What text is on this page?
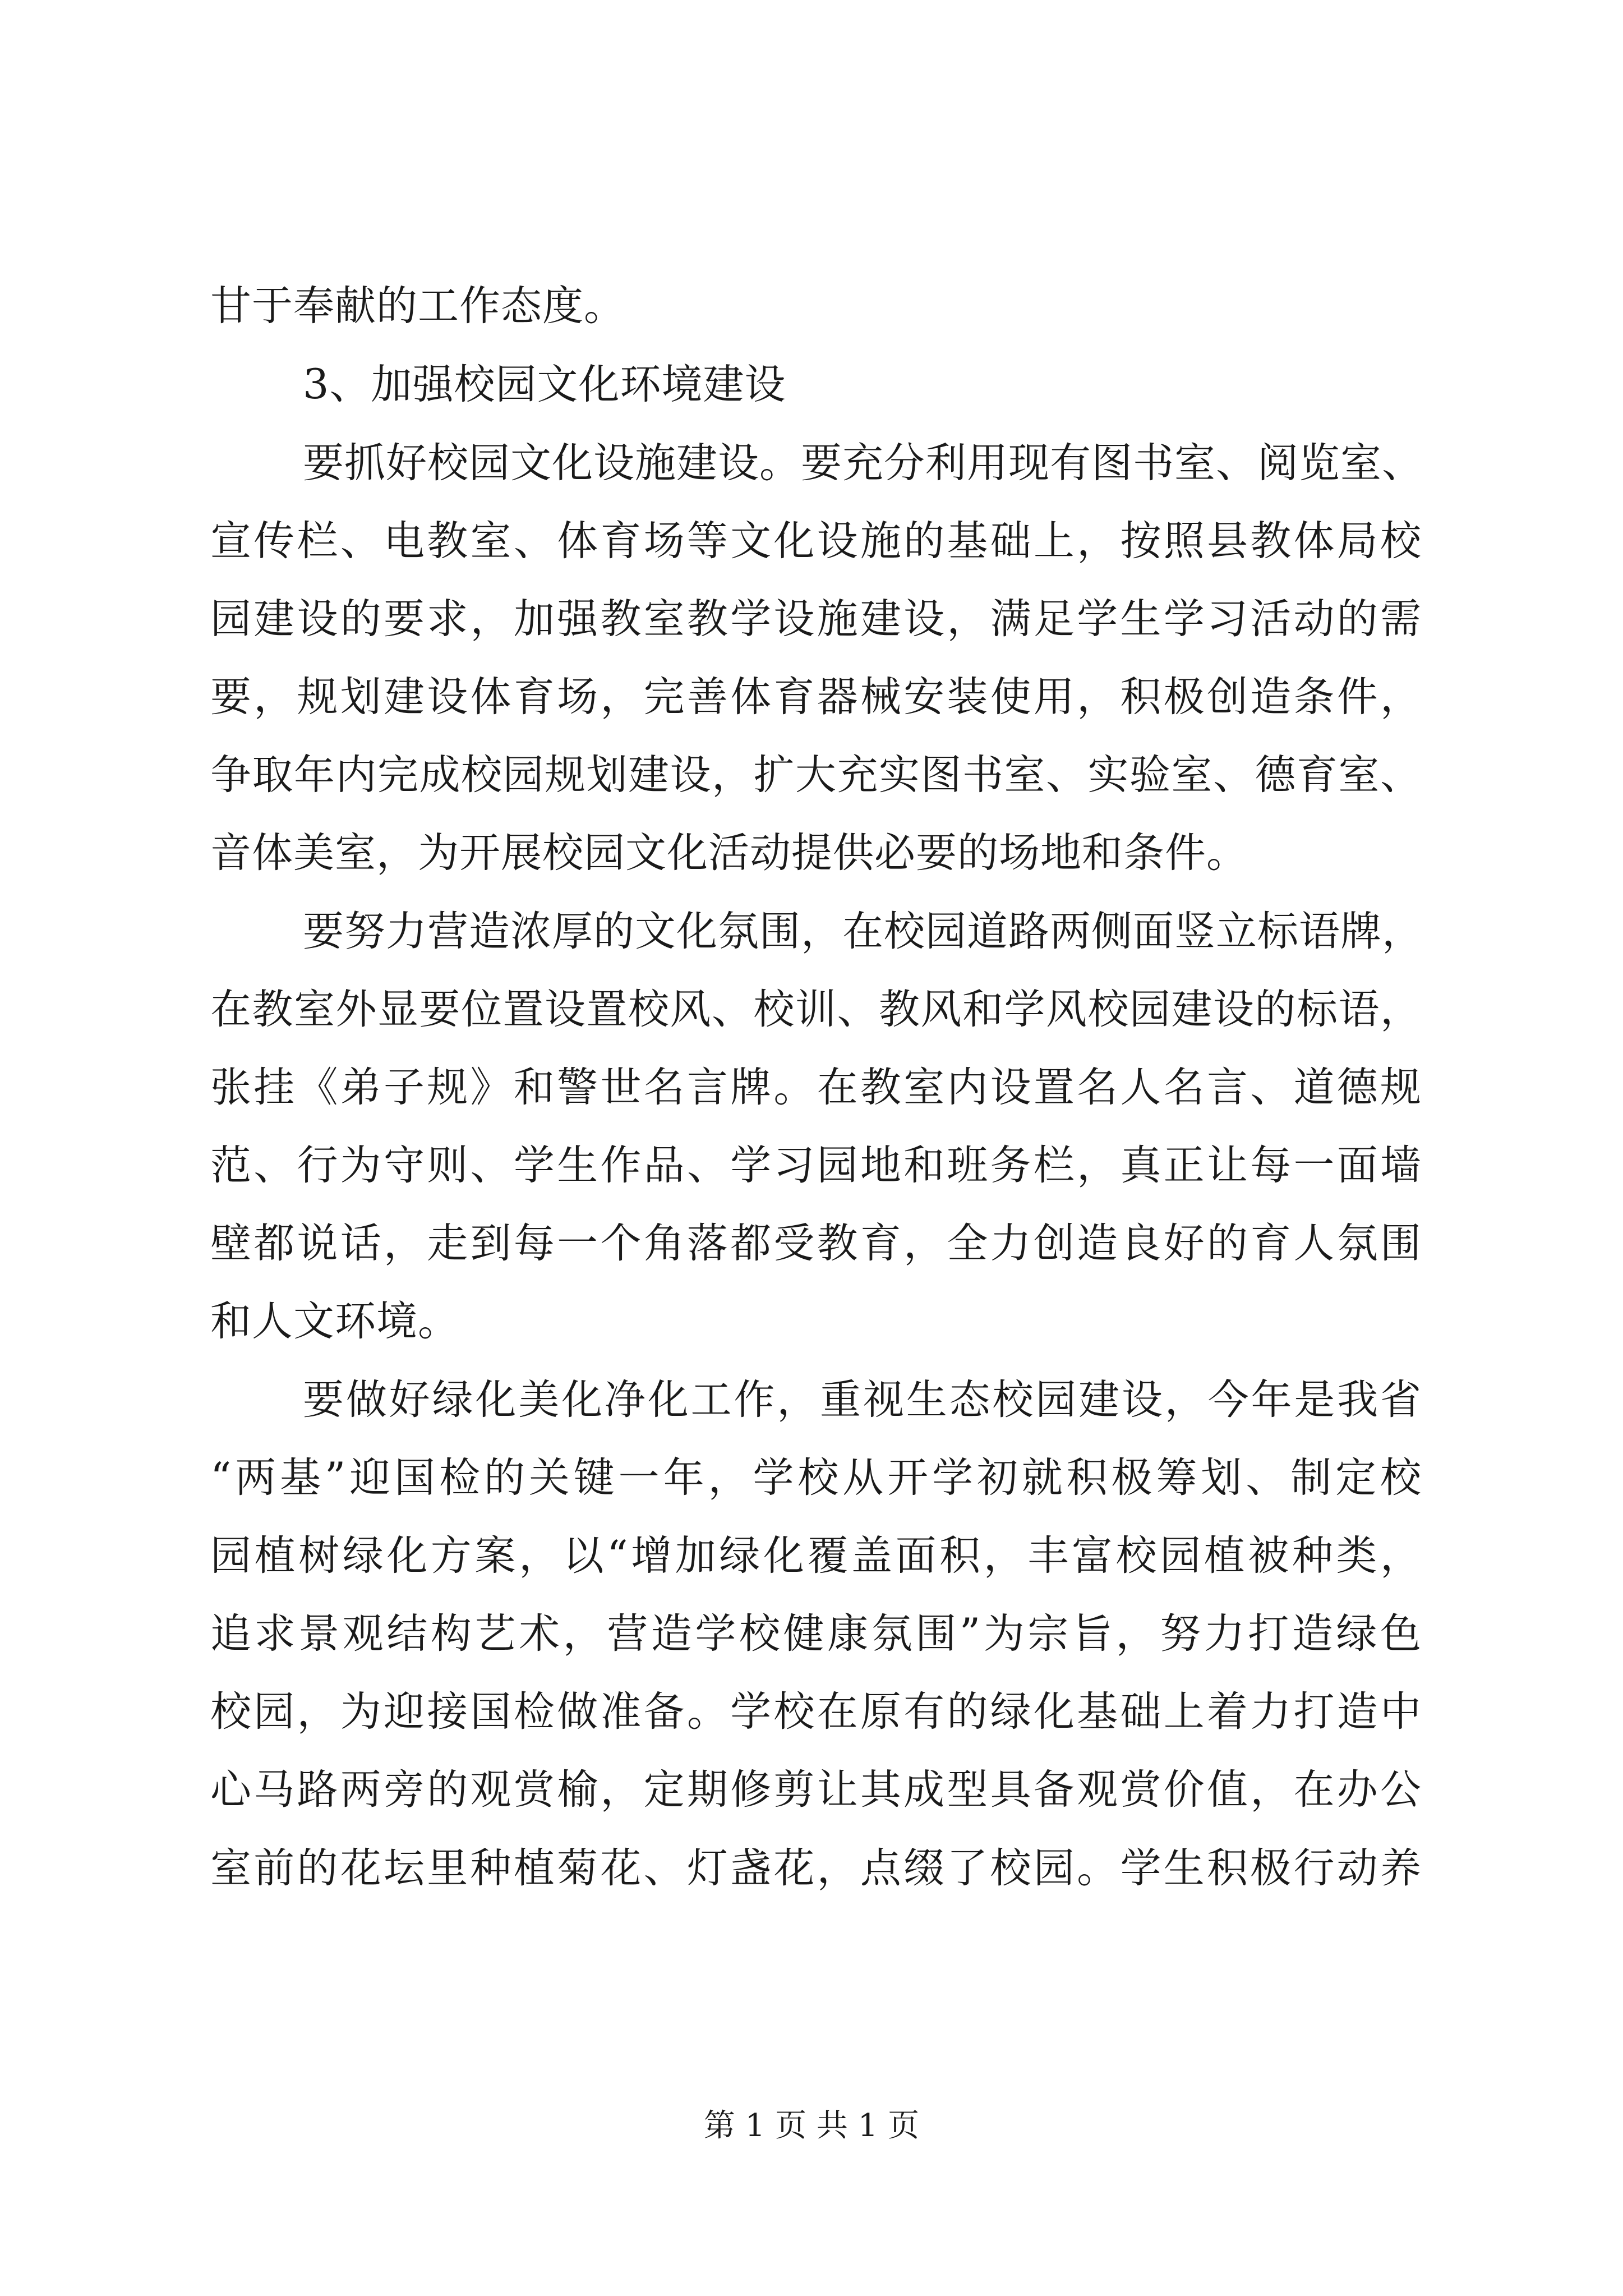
甘于奉献的工作态度。
3、加强校园文化环境建设
要抓好校园文化设施建设。要充分利用现有图书室、阅览室、
宣传栏、电教室、体育场等文化设施的基础上，按照县教体局校
园建设的要求，加强教室教学设施建设，满足学生学习活动的需
要，规划建设体育场，完善体育器械安装使用，积极创造条件，
争取年内完成校园规划建设，扩大充实图书室、实验室、德育室、
音体美室，为开展校园文化活动提供必要的场地和条件。
要努力营造浓厚的文化氛围，在校园道路两侧面竖立标语牌，
在教室外显要位置设置校风、校训、教风和学风校园建设的标语，
张挂《弟子规》和警世名言牌。在教室内设置名人名言、道德规
范、行为守则、学生作品、学习园地和班务栏，真正让每一面墙
壁都说话，走到每一个角落都受教育，全力创造良好的育人氛围
和人文环境。
要做好绿化美化净化工作，重视生态校园建设，今年是我省
“两基”迎国检的关键一年，学校从开学初就积极筹划、制定校
园植树绿化方案，以“增加绿化覆盖面积，丰富校园植被种类，
追求景观结构艺术，营造学校健康氛围”为宗旨，努力打造绿色
校园，为迎接国检做准备。学校在原有的绿化基础上着力打造中
心马路两旁的观赏榆，定期修剪让其成型具备观赏价值，在办公
室前的花坛里种植菊花、灯盏花，点缀了校园。学生积极行动养
第 1 页 共 1 页
